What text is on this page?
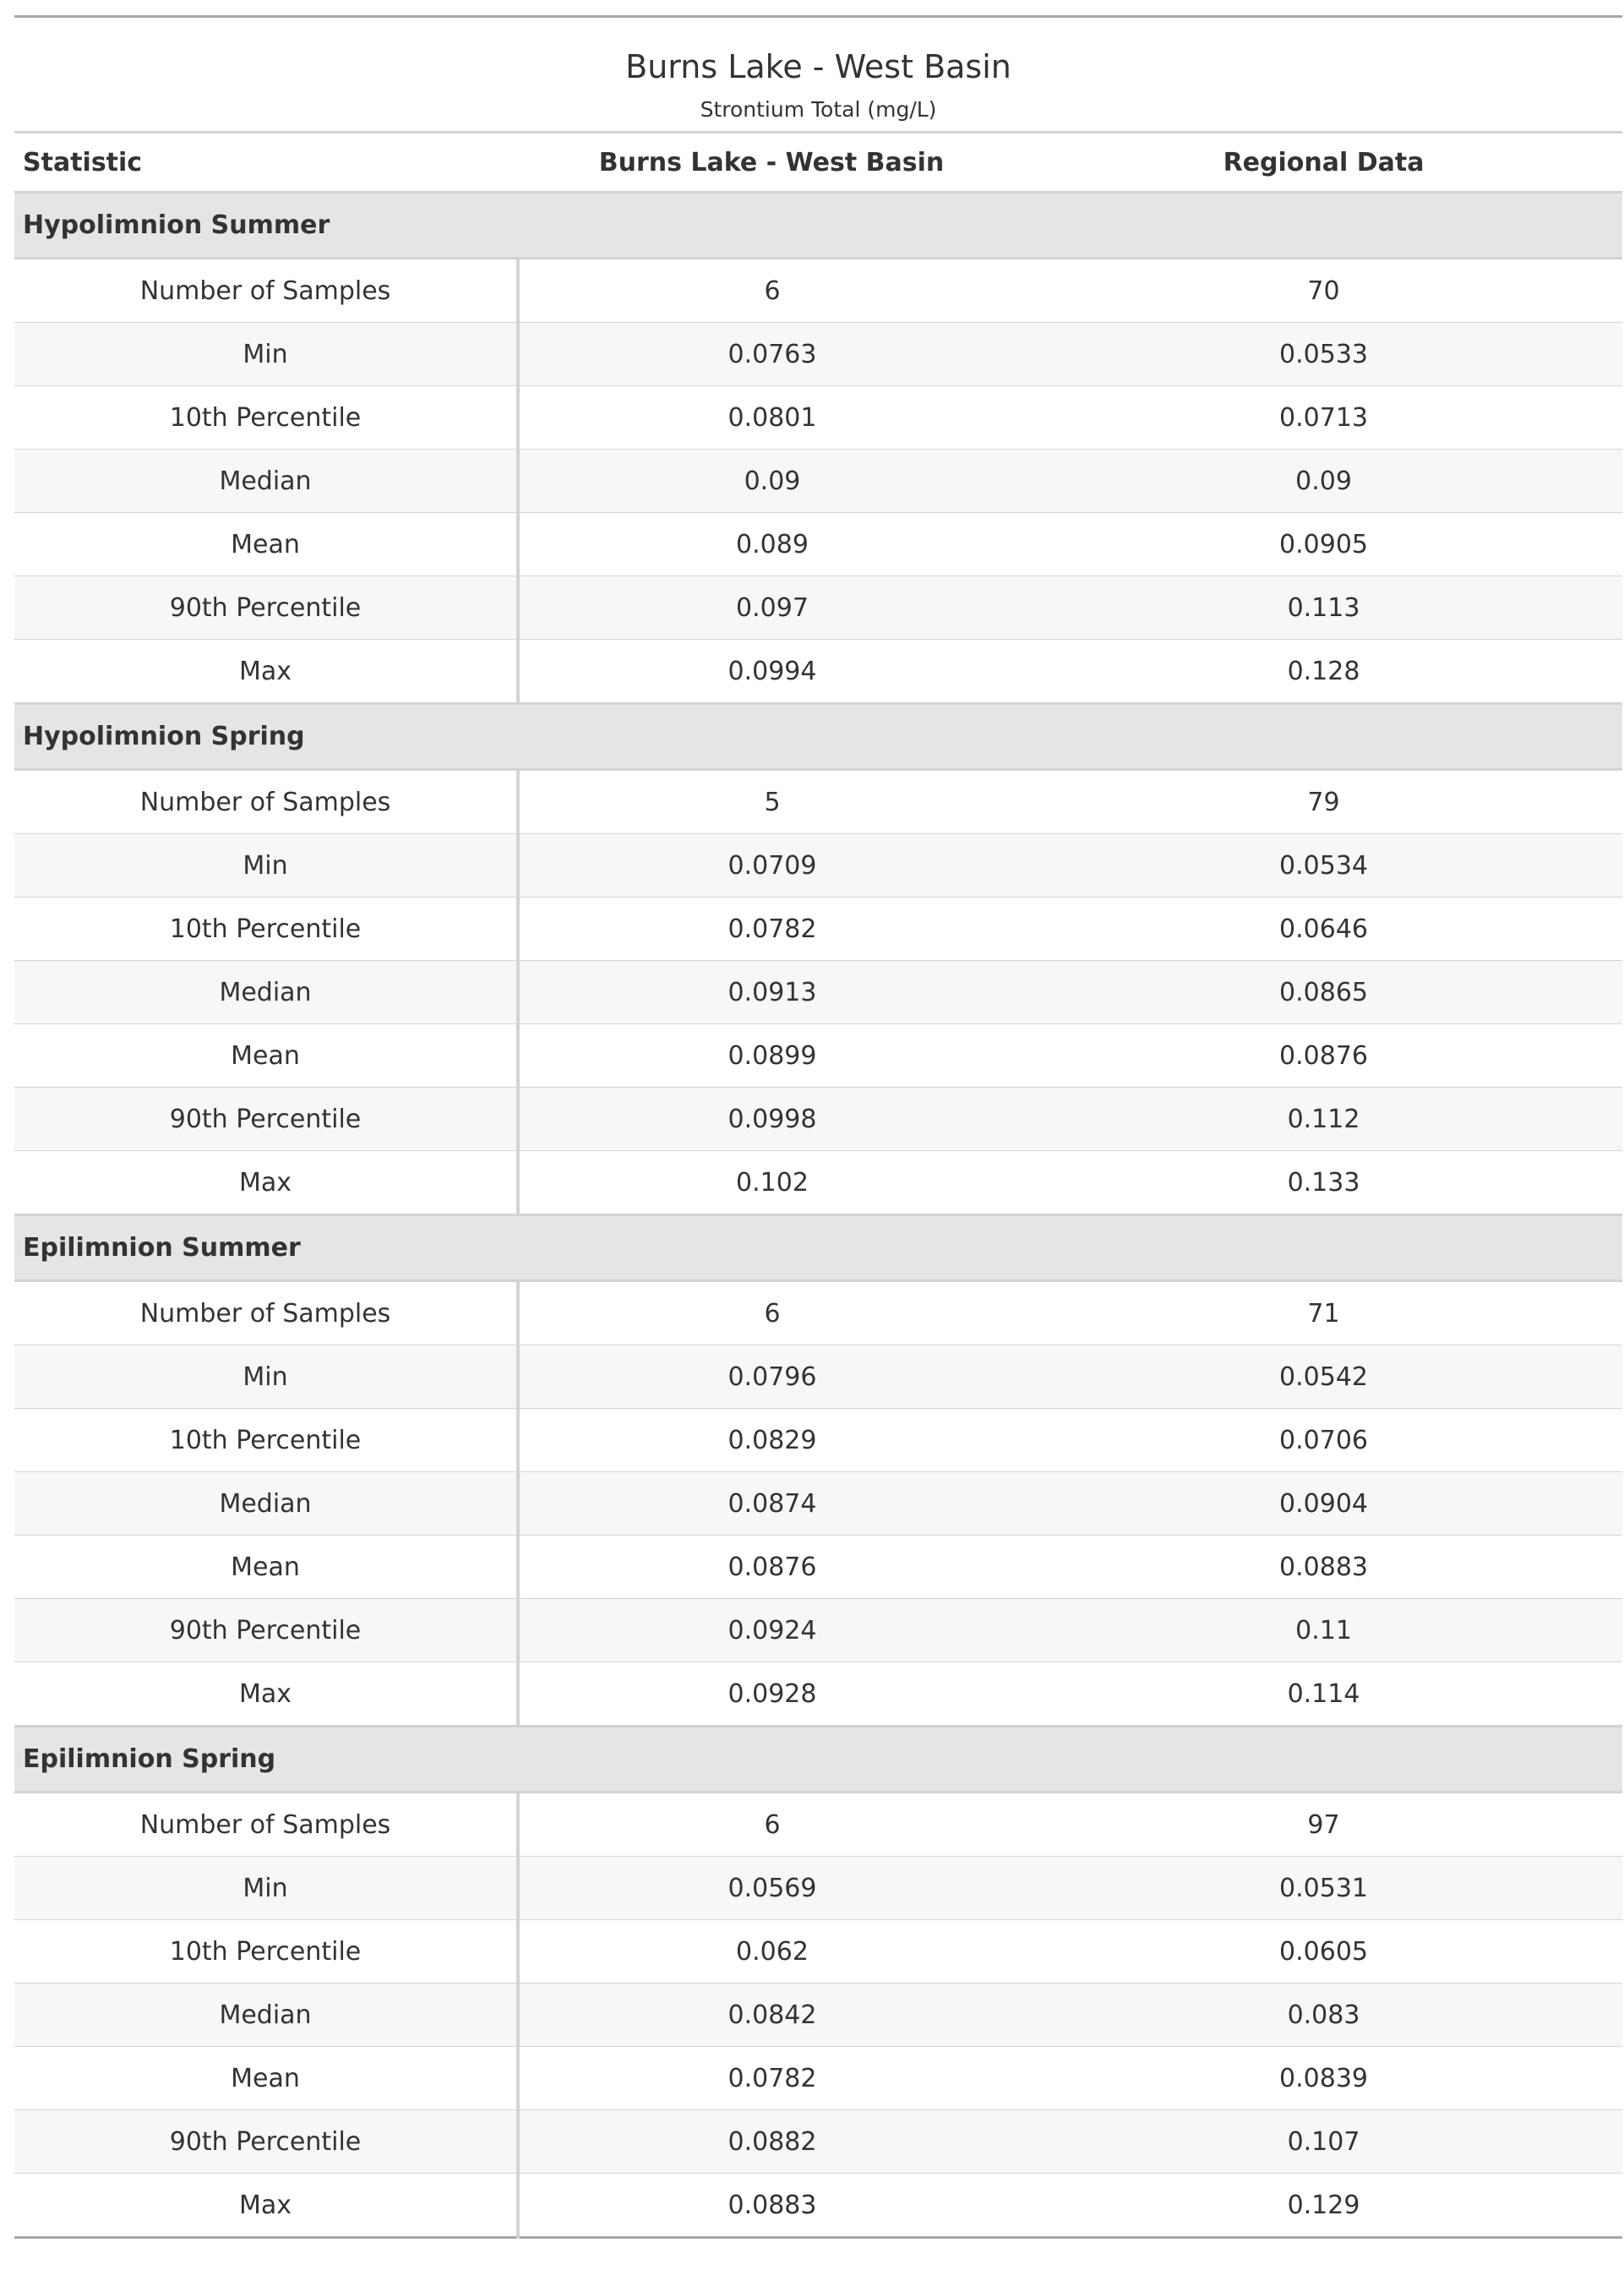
Burns Lake - West Basin		
Strontium Total (mg/L)		
Statistic	Burns Lake - West Basin	Regional Data
Hypolimnion Summer		
Number of Samples	6	70
Min	0.0763	0.0533
10th Percentile	0.0801	0.0713
Median	0.09	0.09
Mean	0.089	0.0905
90th Percentile	0.097	0.113
Max	0.0994	0.128
Hypolimnion Spring		
Number of Samples	5	79
Min	0.0709	0.0534
10th Percentile	0.0782	0.0646
Median	0.0913	0.0865
Mean	0.0899	0.0876
90th Percentile	0.0998	0.112
Max	0.102	0.133
Epilimnion Summer		
Number of Samples	6	71
Min	0.0796	0.0542
10th Percentile	0.0829	0.0706
Median	0.0874	0.0904
Mean	0.0876	0.0883
90th Percentile	0.0924	0.11
Max	0.0928	0.114
Epilimnion Spring		
Number of Samples	6	97
Min	0.0569	0.0531
10th Percentile	0.062	0.0605
Median	0.0842	0.083
Mean	0.0782	0.0839
90th Percentile	0.0882	0.107
Max	0.0883	0.129
